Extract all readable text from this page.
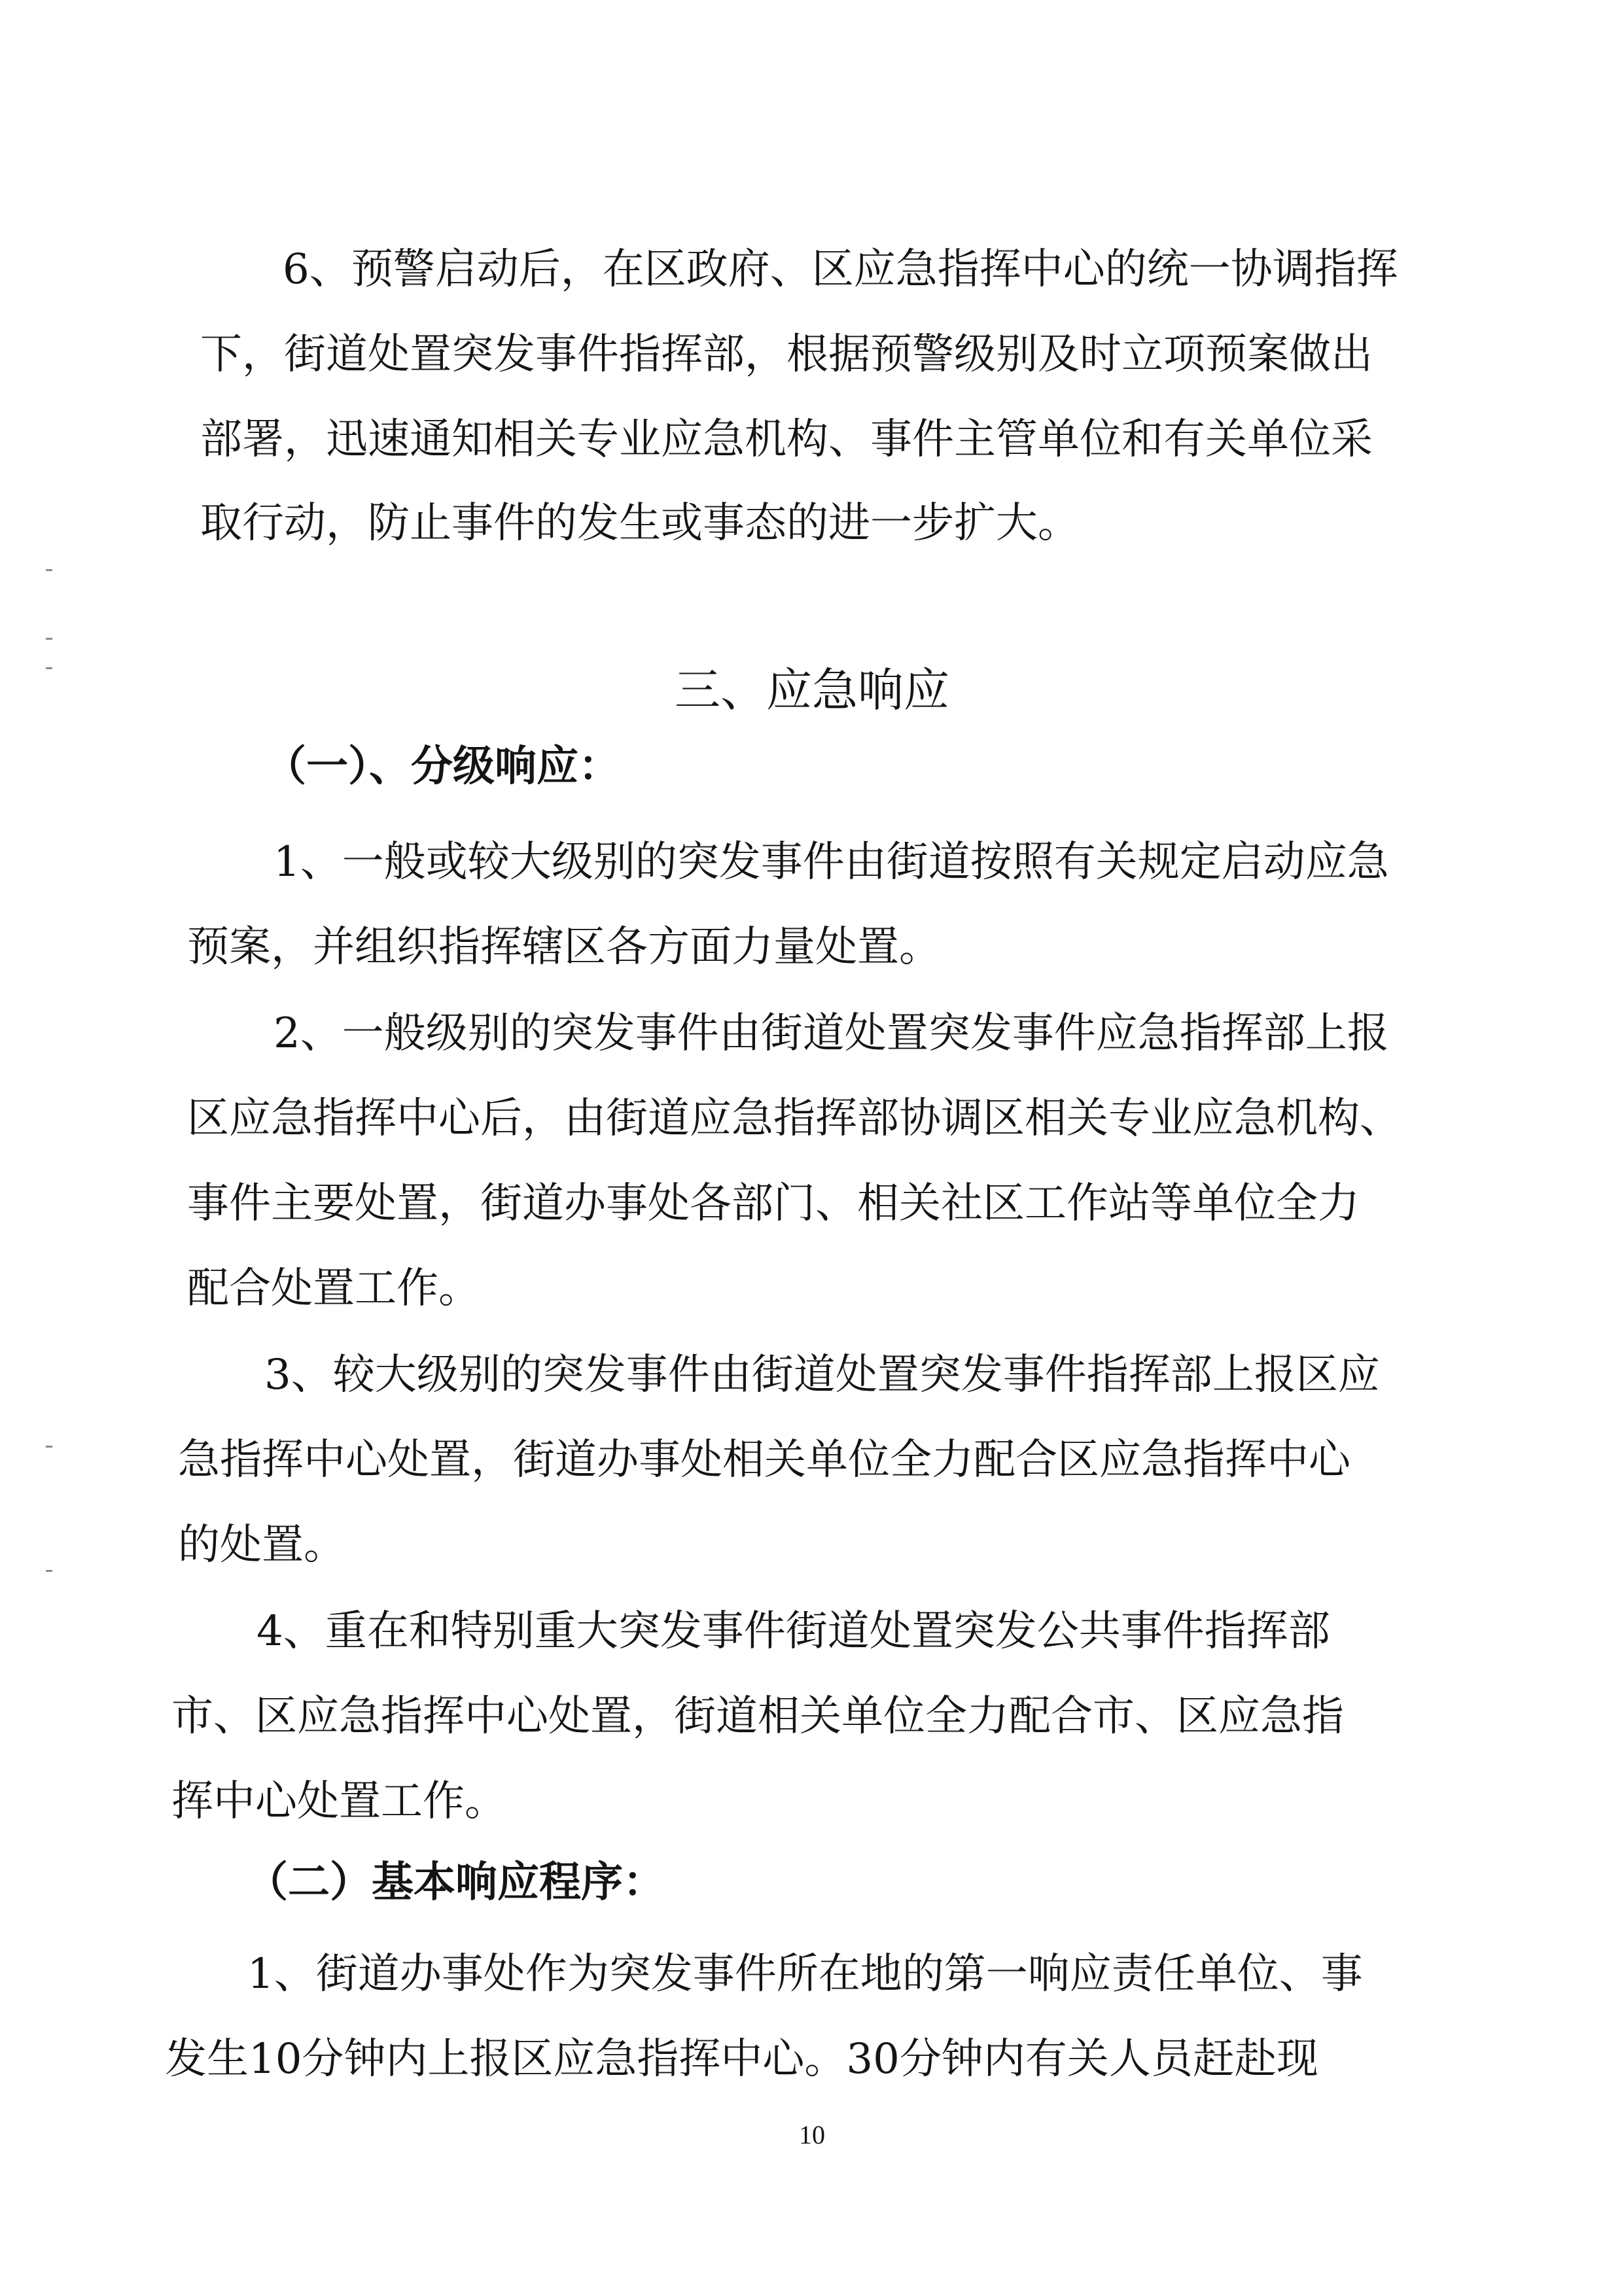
6、预警启动后，在区政府、区应急指挥中心的统一协调指挥
下，街道处置突发事件指挥部，根据预警级别及时立项预案做出
部署，迅速通知相关专业应急机构、事件主管单位和有关单位采
取行动，防止事件的发生或事态的进一步扩大。
三、应急响应
（一）、分级响应：
1、一般或较大级别的突发事件由街道按照有关规定启动应急
预案，并组织指挥辖区各方面力量处置。
2、一般级别的突发事件由街道处置突发事件应急指挥部上报
区应急指挥中心后，由街道应急指挥部协调区相关专业应急机构、
事件主要处置，街道办事处各部门、相关社区工作站等单位全力
配合处置工作。
3、较大级别的突发事件由街道处置突发事件指挥部上报区应
急指挥中心处置，街道办事处相关单位全力配合区应急指挥中心
的处置。
4、重在和特别重大突发事件街道处置突发公共事件指挥部
市、区应急指挥中心处置，街道相关单位全力配合市、区应急指
挥中心处置工作。
（二）基本响应程序：
1、街道办事处作为突发事件所在地的第一响应责任单位、事
发生10分钟内上报区应急指挥中心。30分钟内有关人员赶赴现
10
